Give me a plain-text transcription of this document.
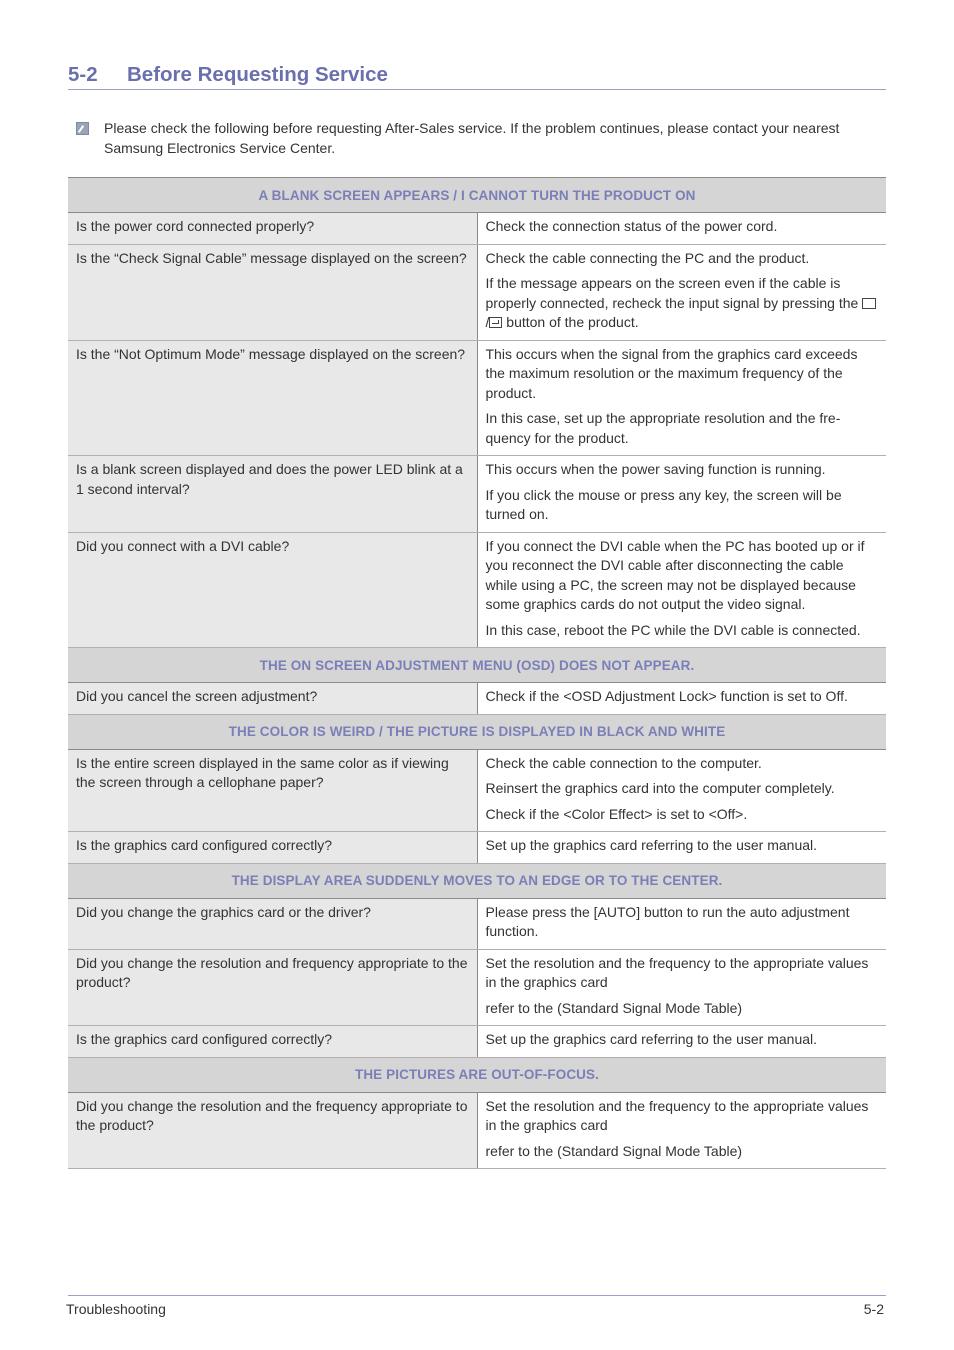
5-2 Before Requesting Service
Please check the following before requesting After-Sales service. If the problem continues, please contact your nearest Samsung Electronics Service Center.
A BLANK SCREEN APPEARS / I CANNOT TURN THE PRODUCT ON	

Is the power cord connected properly?	Check the connection status of the power cord.

Is the “Check Signal Cable” message displayed on the screen?	Check the cable connecting the PC and the product.

If the message appears on the screen even if the cable is properly connected, recheck the input signal by pressing the / button of the product.

Is the “Not Optimum Mode” message displayed on the screen?	This occurs when the signal from the graphics card exceeds the maximum resolution or the maximum frequency of the product.

In this case, set up the appropriate resolution and the fre-quency for the product.

Is a blank screen displayed and does the power LED blink at a 1 second interval?	This occurs when the power saving function is running.

If you click the mouse or press any key, the screen will be turned on.

Did you connect with a DVI cable?	If you connect the DVI cable when the PC has booted up or if you reconnect the DVI cable after disconnecting the cable while using a PC, the screen may not be displayed because some graphics cards do not output the video signal.

In this case, reboot the PC while the DVI cable is connected.

THE ON SCREEN ADJUSTMENT MENU (OSD) DOES NOT APPEAR.	

Did you cancel the screen adjustment?	Check if the <OSD Adjustment Lock> function is set to Off.

THE COLOR IS WEIRD / THE PICTURE IS DISPLAYED IN BLACK AND WHITE	

Is the entire screen displayed in the same color as if viewing the screen through a cellophane paper?	Check the cable connection to the computer.

Reinsert the graphics card into the computer completely.

Check if the <Color Effect> is set to <Off>.

Is the graphics card configured correctly?	Set up the graphics card referring to the user manual.

THE DISPLAY AREA SUDDENLY MOVES TO AN EDGE OR TO THE CENTER.	

Did you change the graphics card or the driver?	Please press the [AUTO] button to run the auto adjustment function.

Did you change the resolution and frequency appropriate to the product?	Set the resolution and the frequency to the appropriate values in the graphics card

refer to the (Standard Signal Mode Table)

Is the graphics card configured correctly?	Set up the graphics card referring to the user manual.

THE PICTURES ARE OUT-OF-FOCUS.	

Did you change the resolution and the frequency appropriate to the product?	Set the resolution and the frequency to the appropriate values in the graphics card

refer to the (Standard Signal Mode Table)

Troubleshooting	5-2
